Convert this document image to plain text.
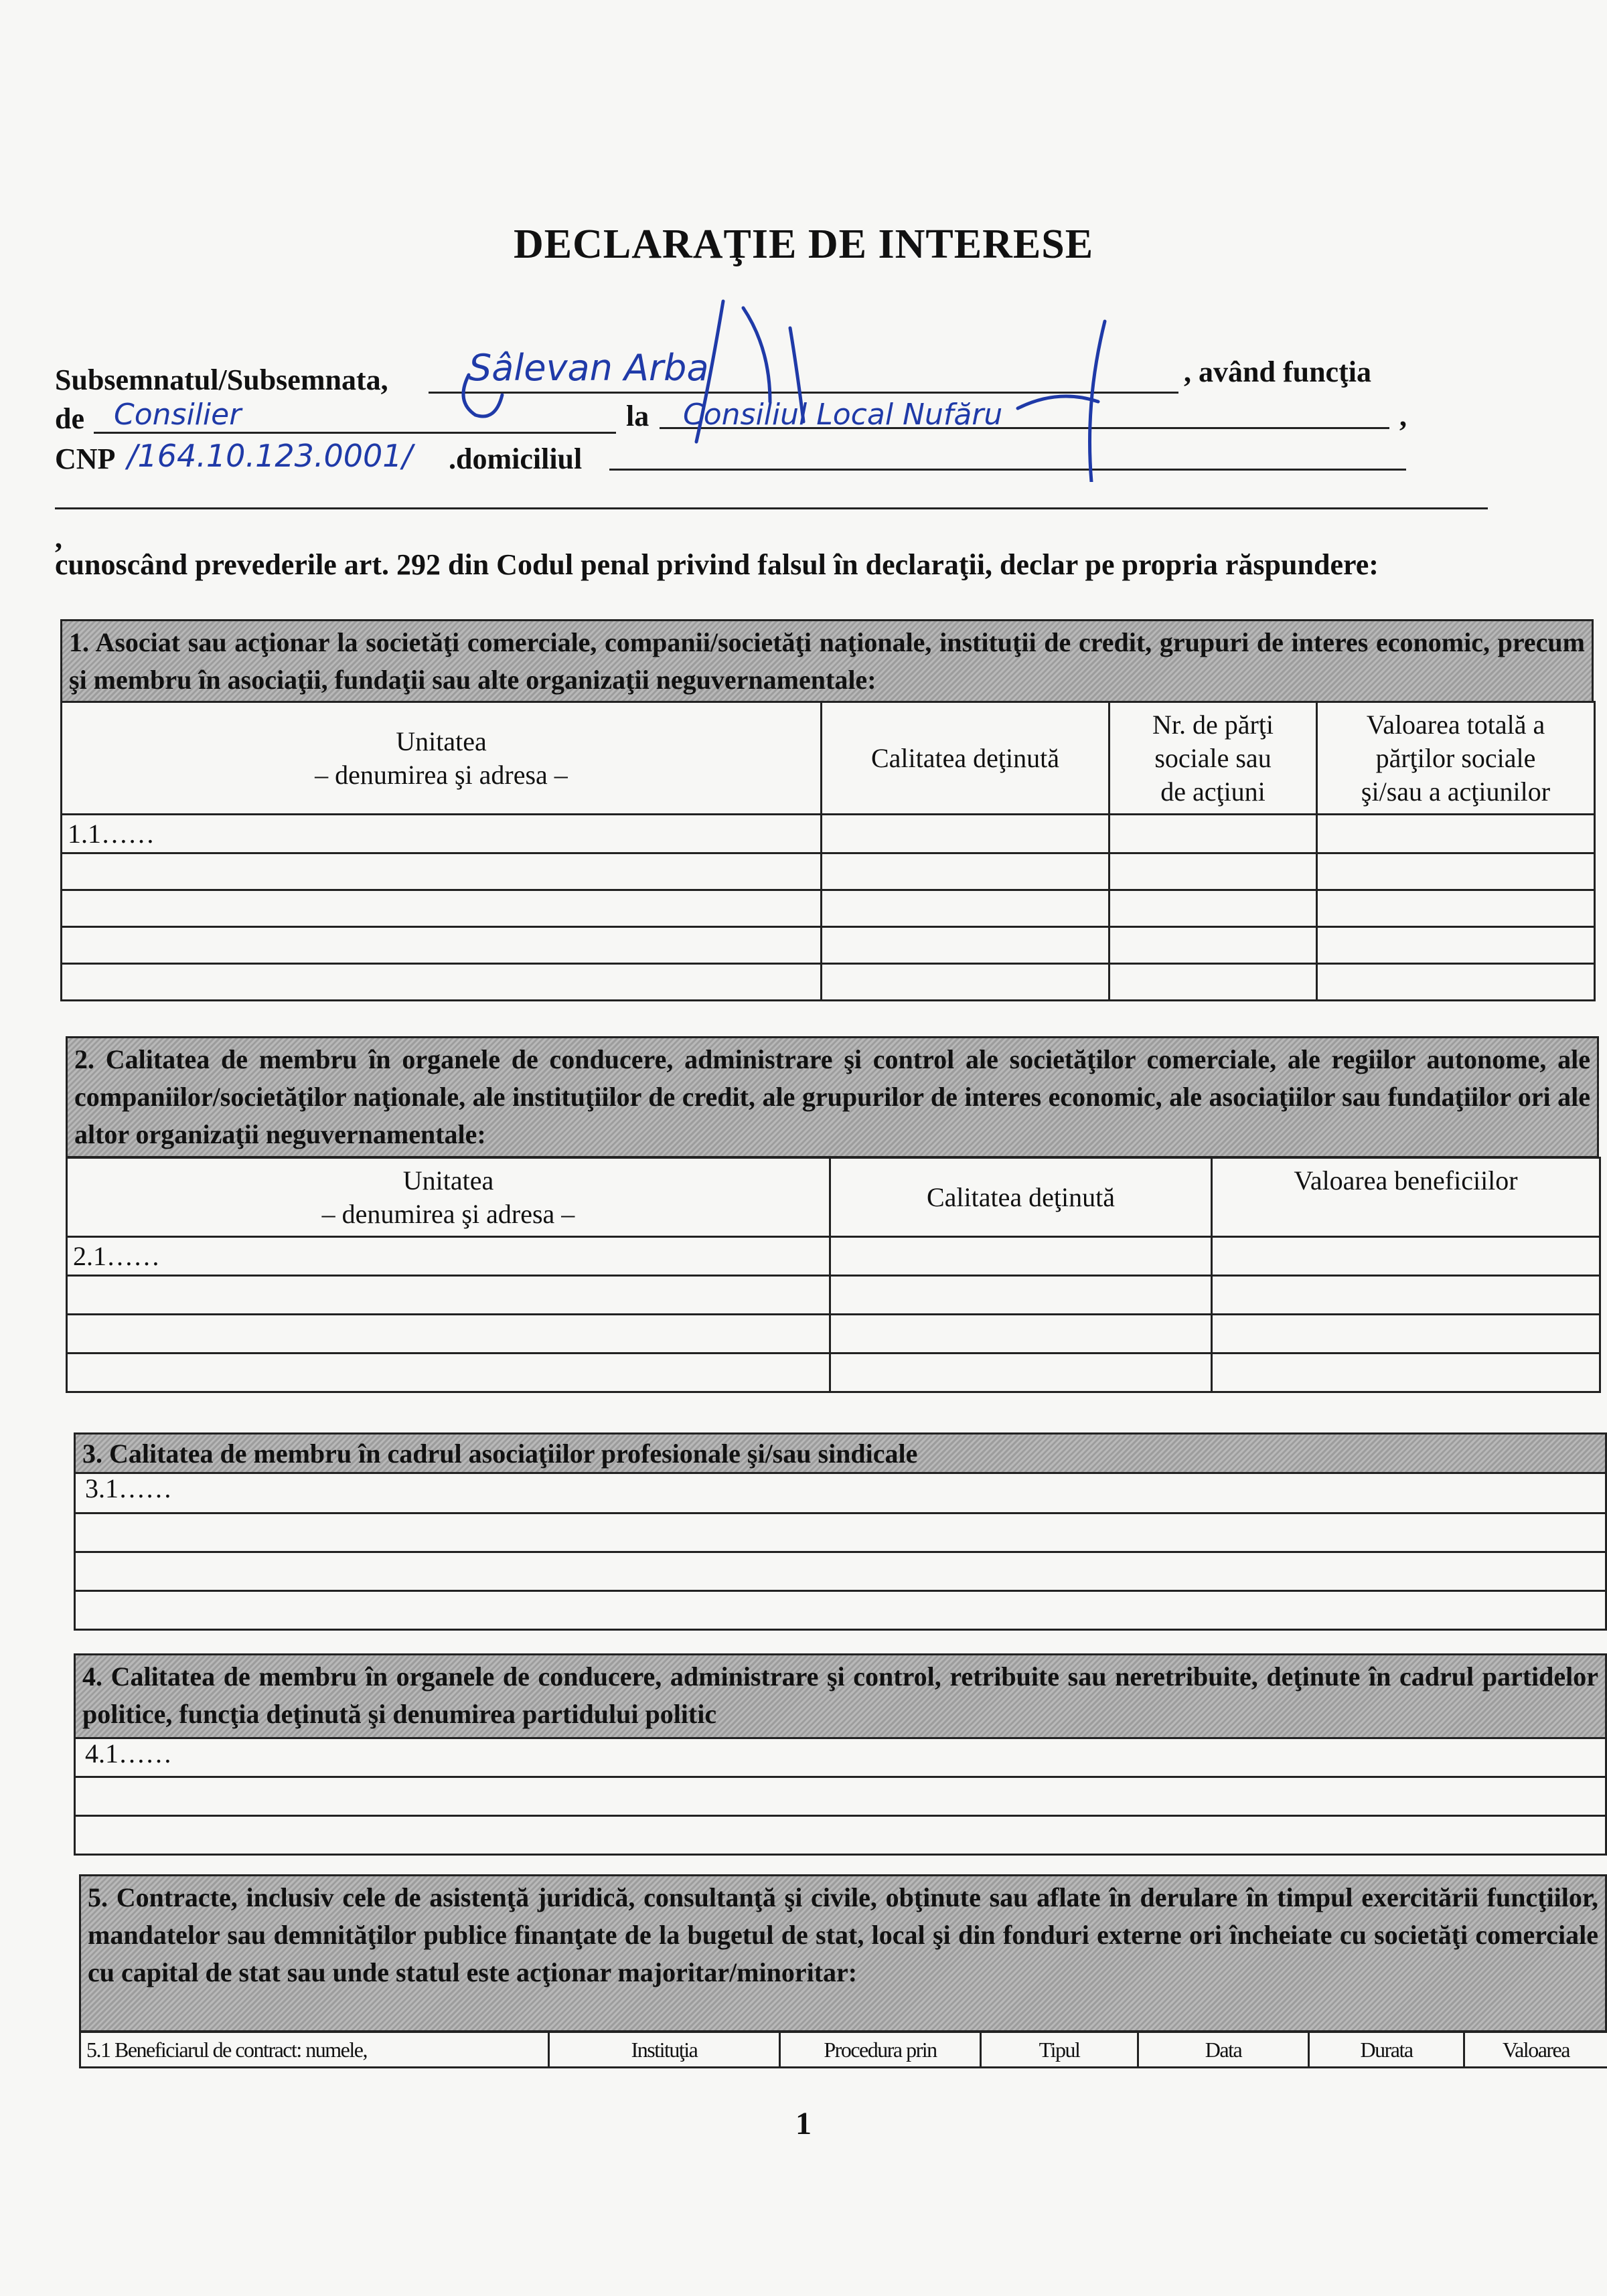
DECLARAŢIE DE INTERESE
Subsemnatul/Subsemnata, Sâlevan Arba	, având funcţia
de Consilier	la Consiliul Local Nufăru	,
CNP /164.10.123.0001/ .domiciliul
,
cunoscând prevederile art. 292 din Codul penal privind falsul în declaraţii, declar pe propria răspundere:
1. Asociat sau acţionar la societăţi comerciale, companii/societăţi naţionale, instituţii de credit, grupuri de interes economic, precum şi membru în asociaţii, fundaţii sau alte organizaţii neguvernamentale:
Unitatea
– denumirea şi adresa –	Calitatea deţinută	Nr. de părţi
sociale sau
de acţiuni	Valoarea totală a
părţilor sociale
şi/sau a acţiunilor
1.1……			

2. Calitatea de membru în organele de conducere, administrare şi control ale societăţilor comerciale, ale regiilor autonome, ale companiilor/societăţilor naţionale, ale instituţiilor de credit, ale grupurilor de interes economic, ale asociaţiilor sau fundaţiilor ori ale altor organizaţii neguvernamentale:
Unitatea
– denumirea şi adresa –	Calitatea deţinută	Valoarea beneficiilor
2.1……		

3. Calitatea de membru în cadrul asociaţiilor profesionale şi/sau sindicale
3.1……
4. Calitatea de membru în organele de conducere, administrare şi control, retribuite sau neretribuite, deţinute în cadrul partidelor politice, funcţia deţinută şi denumirea partidului politic
4.1……
5. Contracte, inclusiv cele de asistenţă juridică, consultanţă şi civile, obţinute sau aflate în derulare în timpul exercitării funcţiilor, mandatelor sau demnităţilor publice finanţate de la bugetul de stat, local şi din fonduri externe ori încheiate cu societăţi comerciale cu capital de stat sau unde statul este acţionar majoritar/minoritar:
5.1 Beneficiarul de contract: numele,	Instituţia	Procedura prin	Tipul	Data	Durata	Valoarea
1
